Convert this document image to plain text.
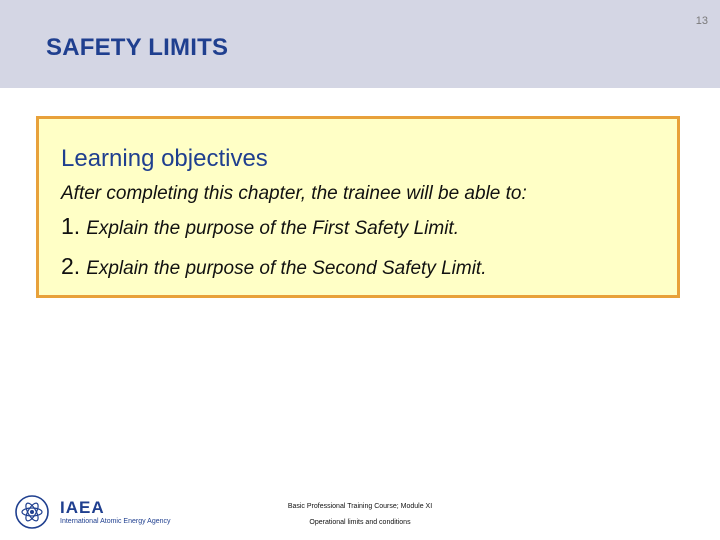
13
SAFETY LIMITS
Learning objectives
After completing this chapter, the trainee will be able to:
1. Explain the purpose of the First Safety Limit.
2. Explain the purpose of the Second Safety Limit.
IAEA
International Atomic Energy Agency
Basic Professional Training Course; Module XI
Operational limits and conditions
